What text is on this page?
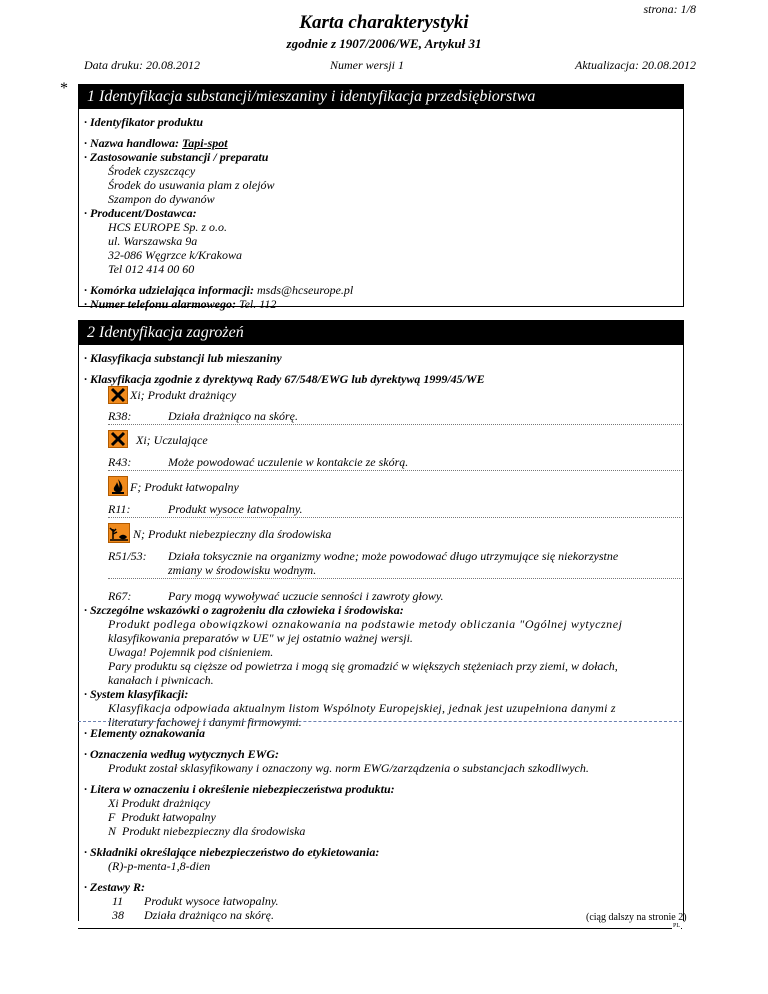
strona: 1/8
Karta charakterystyki
zgodnie z 1907/2006/WE, Artykuł 31
Data druku: 20.08.2012	Numer wersji 1	Aktualizacja: 20.08.2012
*	1 Identyfikacja substancji/mieszaniny i identyfikacja przedsiębiorstwa
· Identyfikator produktu
· Nazwa handlowa: Tapi-spot
· Zastosowanie substancji / preparatu
Środek czyszczący
Środek do usuwania plam z olejów
Szampon do dywanów
· Producent/Dostawca:
HCS EUROPE Sp. z o.o.
ul. Warszawska 9a
32-086 Węgrzce k/Krakowa
Tel 012 414 00 60
· Komórka udzielająca informacji: msds@hcseurope.pl
· Numer telefonu alarmowego: Tel. 112
2 Identyfikacja zagrożeń
· Klasyfikacja substancji lub mieszaniny
· Klasyfikacja zgodnie z dyrektywą Rady 67/548/EWG lub dyrektywą 1999/45/WE
Xi; Produkt drażniący
R38:	Działa drażniąco na skórę.
Xi; Uczulające
R43:	Może powodować uczulenie w kontakcie ze skórą.
F; Produkt łatwopalny
R11:	Produkt wysoce łatwopalny.
N; Produkt niebezpieczny dla środowiska
R51/53: Działa toksycznie na organizmy wodne; może powodować długo utrzymujące się niekorzystne
zmiany w środowisku wodnym.
R67:	Pary mogą wywoływać uczucie senności i zawroty głowy.
· Szczególne wskazówki o zagrożeniu dla człowieka i środowiska:
Produkt podlega obowiązkowi oznakowania na podstawie metody obliczania "Ogólnej wytycznej
klasyfikowania preparatów w UE" w jej ostatnio ważnej wersji.
Uwaga! Pojemnik pod ciśnieniem.
Pary produktu są cięższe od powietrza i mogą się gromadzić w większych stężeniach przy ziemi, w dołach,
kanałach i piwnicach.
· System klasyfikacji:
Klasyfikacja odpowiada aktualnym listom Wspólnoty Europejskiej, jednak jest uzupełniona danymi z
literatury fachowej i danymi firmowymi.
· Elementy oznakowania
· Oznaczenia według wytycznych EWG:
Produkt został sklasyfikowany i oznaczony wg. norm EWG/zarządzenia o substancjach szkodliwych.
· Litera w oznaczeniu i określenie niebezpieczeństwa produktu:
Xi Produkt drażniący
F  Produkt łatwopalny
N  Produkt niebezpieczny dla środowiska
· Składniki określające niebezpieczeństwo do etykietowania:
(R)-p-menta-1,8-dien
· Zestawy R:
11 Produkt wysoce łatwopalny.
38 Działa drażniąco na skórę.	(ciąg dalszy na stronie 2)
PL
